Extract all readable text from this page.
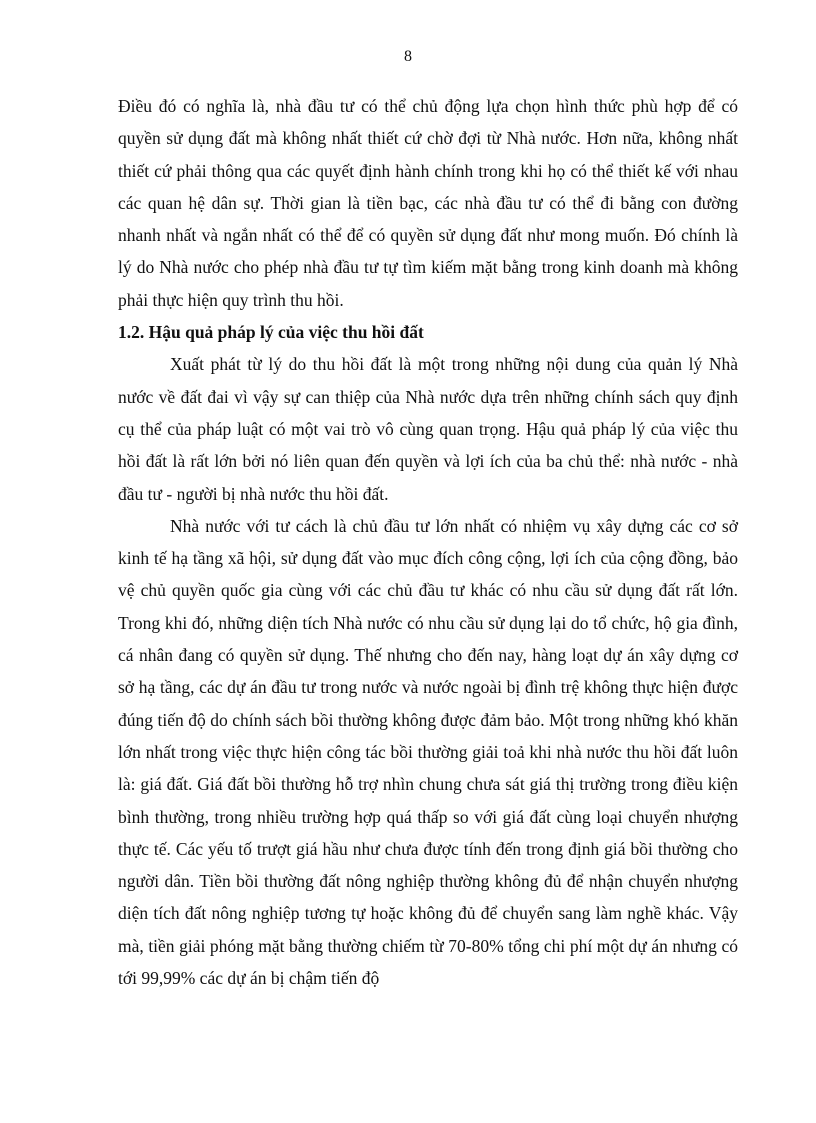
8

Điều đó có nghĩa là, nhà đầu tư có thể chủ động lựa chọn hình thức phù hợp để có quyền sử dụng đất mà không nhất thiết cứ chờ đợi từ Nhà nước. Hơn nữa, không nhất thiết cứ phải thông qua các quyết định hành chính trong khi họ có thể thiết kế với nhau các quan hệ dân sự. Thời gian là tiền bạc, các nhà đầu tư có thể đi bằng con đường nhanh nhất và ngắn nhất có thể để có quyền sử dụng đất như mong muốn. Đó chính là lý do Nhà nước cho phép nhà đầu tư tự tìm kiếm mặt bằng trong kinh doanh mà không phải thực hiện quy trình thu hồi.

1.2. Hậu quả pháp lý của việc thu hồi đất

Xuất phát từ lý do thu hồi đất là một trong những nội dung của quản lý Nhà nước về đất đai vì vậy sự can thiệp của Nhà nước dựa trên những chính sách quy định cụ thể của pháp luật có một vai trò vô cùng quan trọng. Hậu quả pháp lý của việc thu hồi đất là rất lớn bởi nó liên quan đến quyền và lợi ích của ba chủ thể: nhà nước - nhà đầu tư - người bị nhà nước thu hồi đất.

Nhà nước với tư cách là chủ đầu tư lớn nhất có nhiệm vụ xây dựng các cơ sở kinh tế hạ tầng xã hội, sử dụng đất vào mục đích công cộng, lợi ích của cộng đồng, bảo vệ chủ quyền quốc gia cùng với các chủ đầu tư khác có nhu cầu sử dụng đất rất lớn. Trong khi đó, những diện tích Nhà nước có nhu cầu sử dụng lại do tổ chức, hộ gia đình, cá nhân đang có quyền sử dụng. Thế nhưng cho đến nay, hàng loạt dự án xây dựng cơ sở hạ tầng, các dự án đầu tư trong nước và nước ngoài bị đình trệ không thực hiện được đúng tiến độ do chính sách bồi thường không được đảm bảo. Một trong những khó khăn lớn nhất trong việc thực hiện công tác bồi thường giải toả khi nhà nước thu hồi đất luôn là: giá đất. Giá đất bồi thường hỗ trợ nhìn chung chưa sát giá thị trường trong điều kiện bình thường, trong nhiều trường hợp quá thấp so với giá đất cùng loại chuyển nhượng thực tế. Các yếu tố trượt giá hầu như chưa được tính đến trong định giá bồi thường cho người dân. Tiền bồi thường đất nông nghiệp thường không đủ để nhận chuyển nhượng diện tích đất nông nghiệp tương tự hoặc không đủ để chuyển sang làm nghề khác. Vậy mà, tiền giải phóng mặt bằng thường chiếm từ 70-80% tổng chi phí một dự án nhưng có tới 99,99% các dự án bị chậm tiến độ
